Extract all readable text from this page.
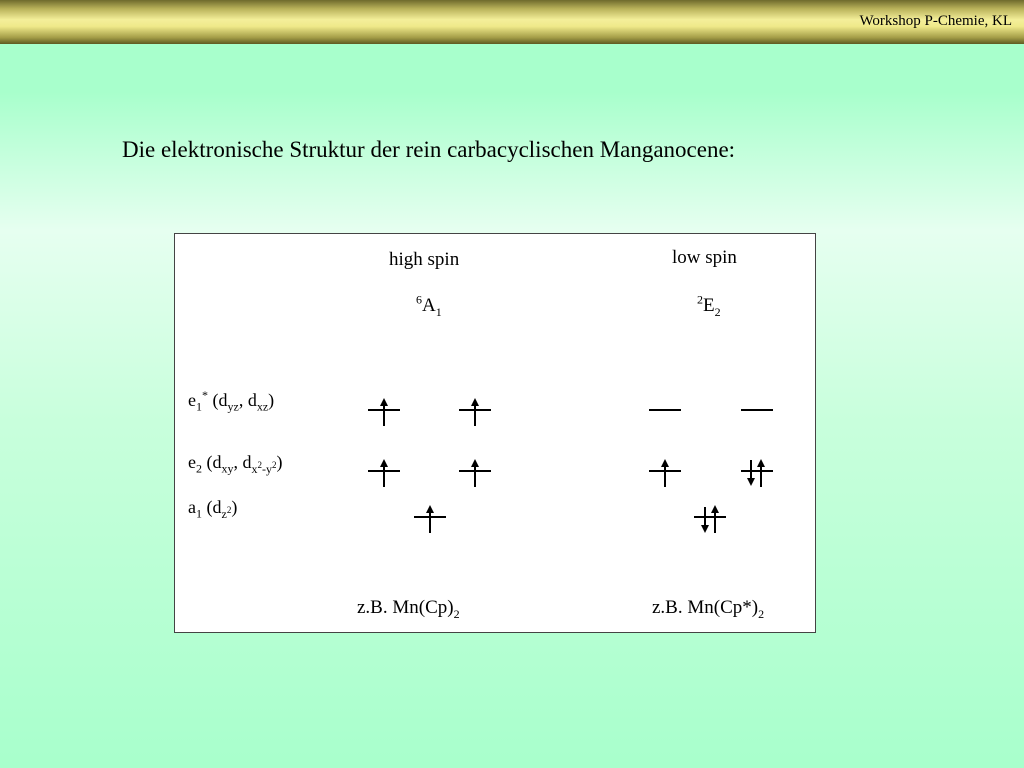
Workshop P-Chemie, KL
Die elektronische Struktur der rein carbacyclischen Manganocene:
high spin	low spin
$^6A_1$
$^2E_2$
$e_1^*$ ($d_{yz}$, $d_{xz}$)
$e_2$ ($d_{xy}$, $d_{x^2-y^2}$)
$a_1$ $(d_{z^2})$
z.B. $Mn(Cp)_2$	z.B. $Mn(Cp*)_2$
